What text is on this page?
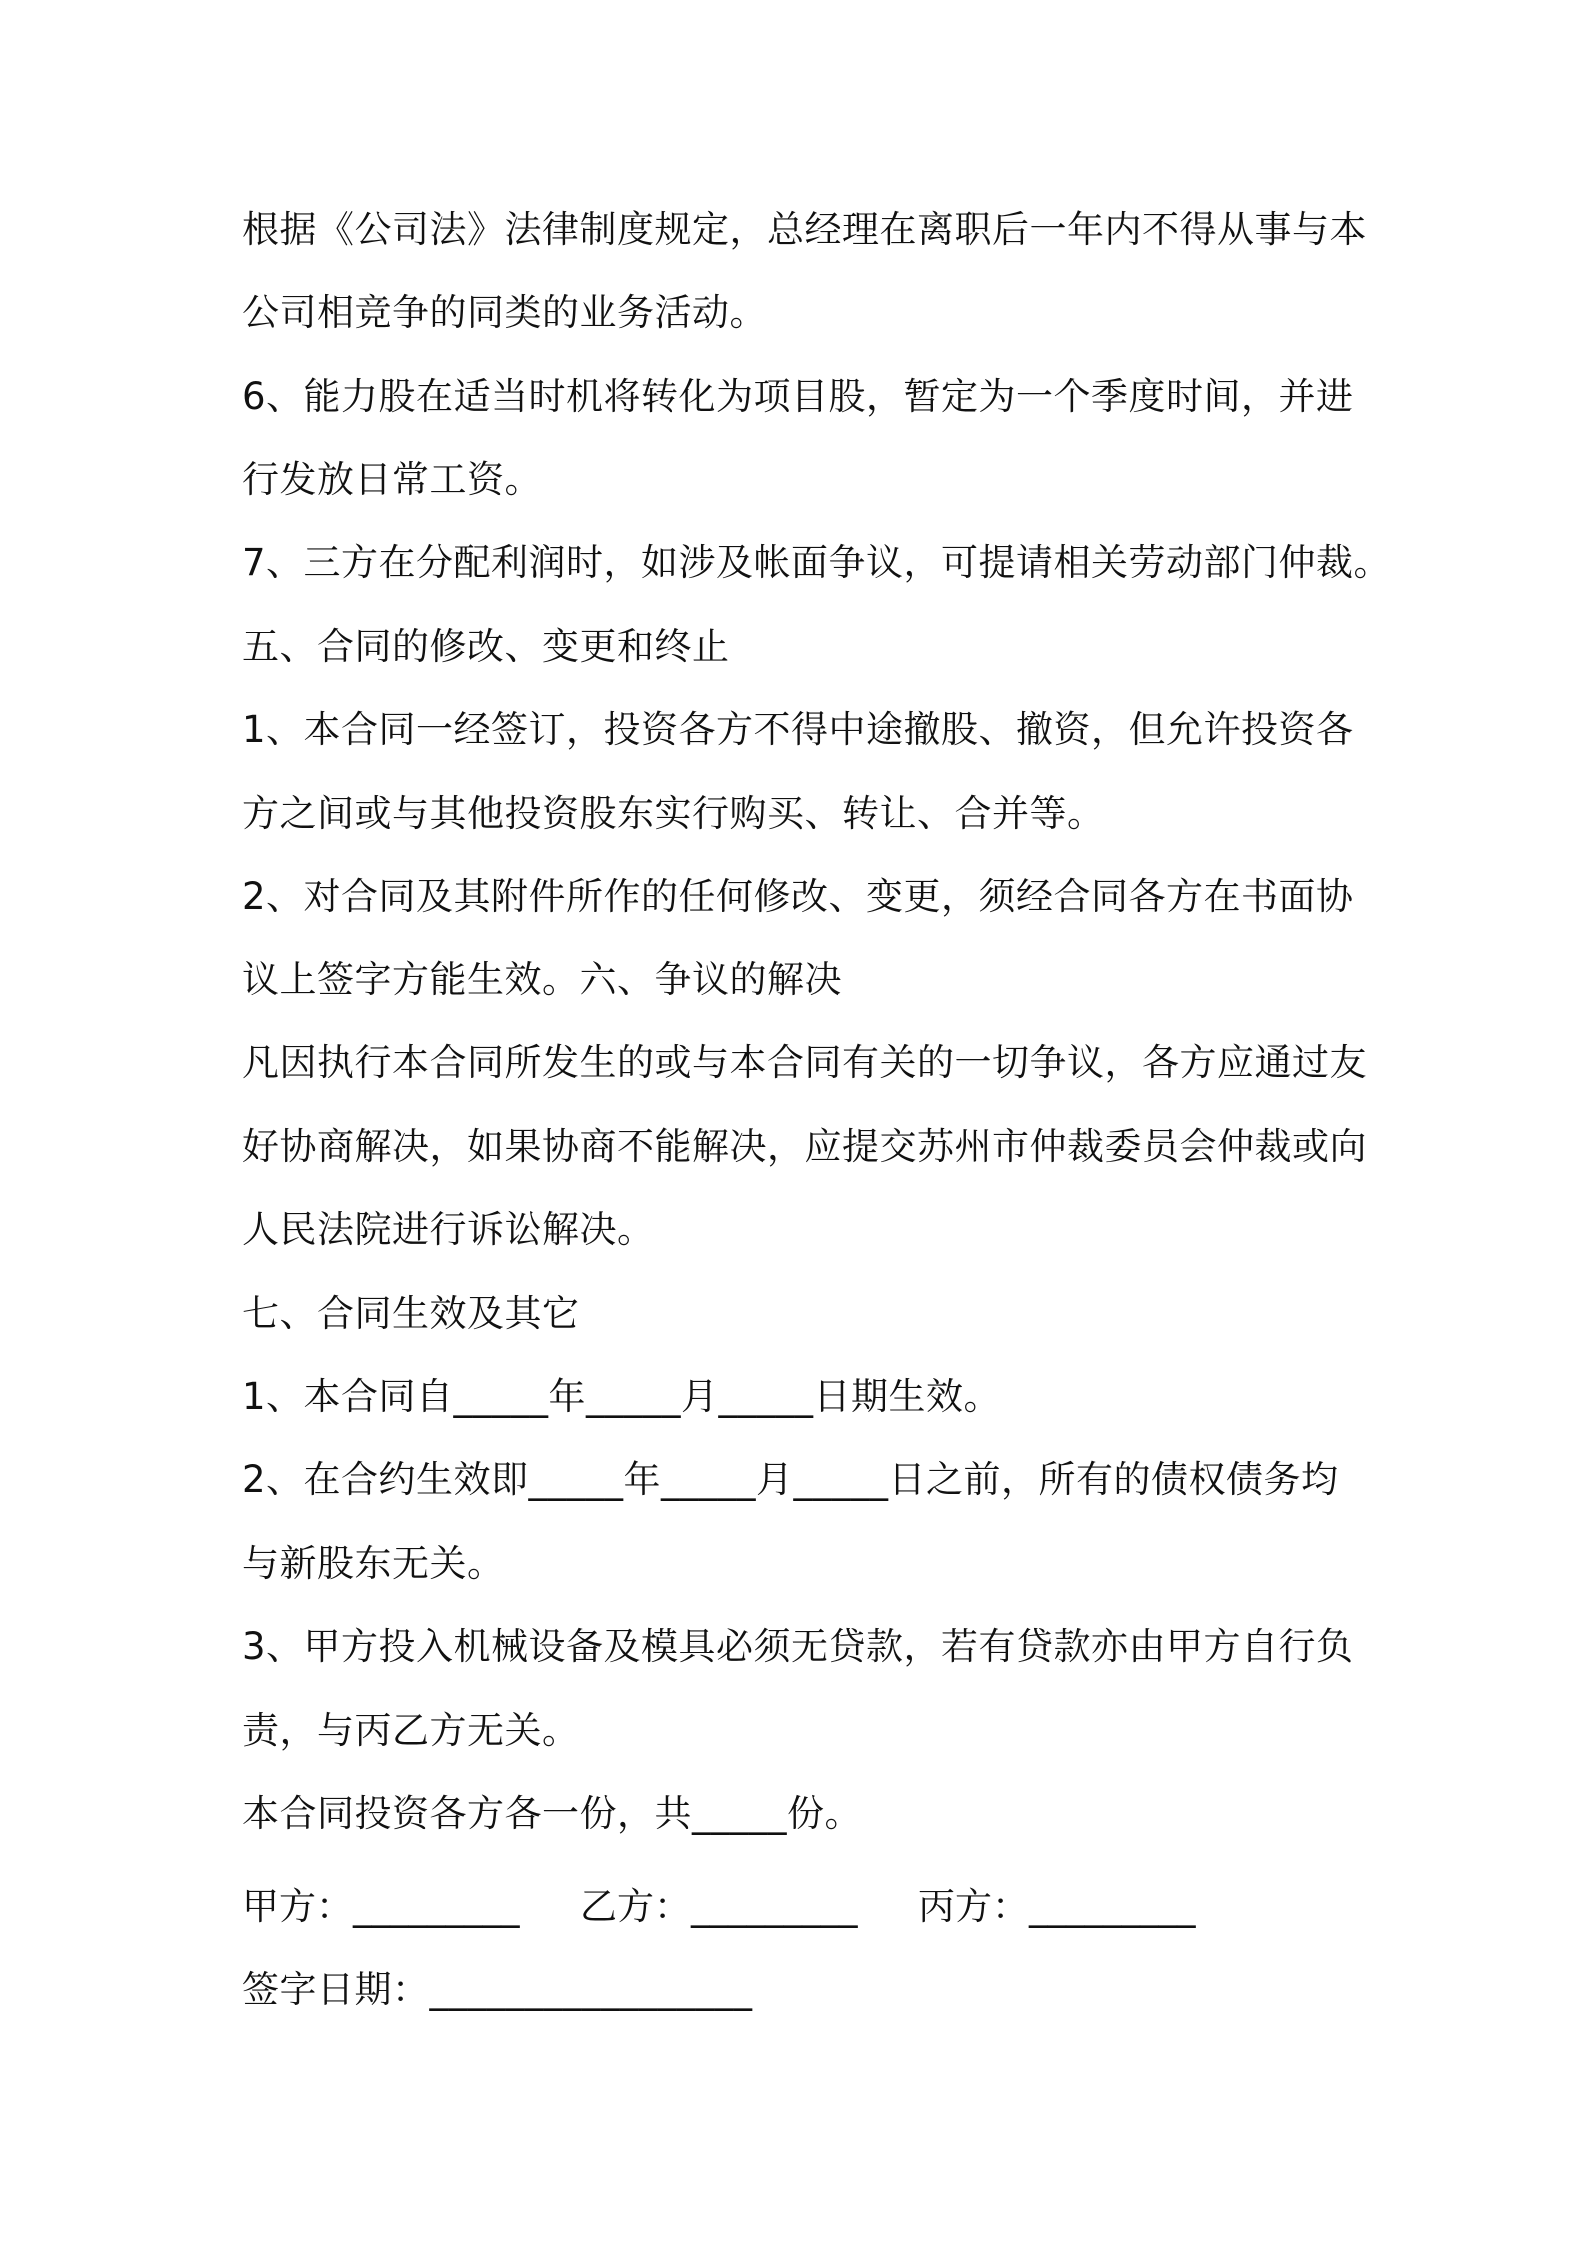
根据《公司法》法律制度规定，总经理在离职后一年内不得从事与本
公司相竞争的同类的业务活动。
6、能力股在适当时机将转化为项目股，暂定为一个季度时间，并进
行发放日常工资。
7、三方在分配利润时，如涉及帐面争议，可提请相关劳动部门仲裁。
五、合同的修改、变更和终止
1、本合同一经签订，投资各方不得中途撤股、撤资，但允许投资各
方之间或与其他投资股东实行购买、转让、合并等。
2、对合同及其附件所作的任何修改、变更，须经合同各方在书面协
议上签字方能生效。六、争议的解决
凡因执行本合同所发生的或与本合同有关的一切争议，各方应通过友
好协商解决，如果协商不能解决，应提交苏州市仲裁委员会仲裁或向
人民法院进行诉讼解决。
七、合同生效及其它
1、本合同自_____年_____月_____日期生效。
2、在合约生效即_____年_____月_____日之前，所有的债权债务均
与新股东无关。
3、甲方投入机械设备及模具必须无贷款，若有贷款亦由甲方自行负
责，与丙乙方无关。
本合同投资各方各一份，共_____份。
甲方：_________ 乙方：_________ 丙方：_________
签字日期：_________________
